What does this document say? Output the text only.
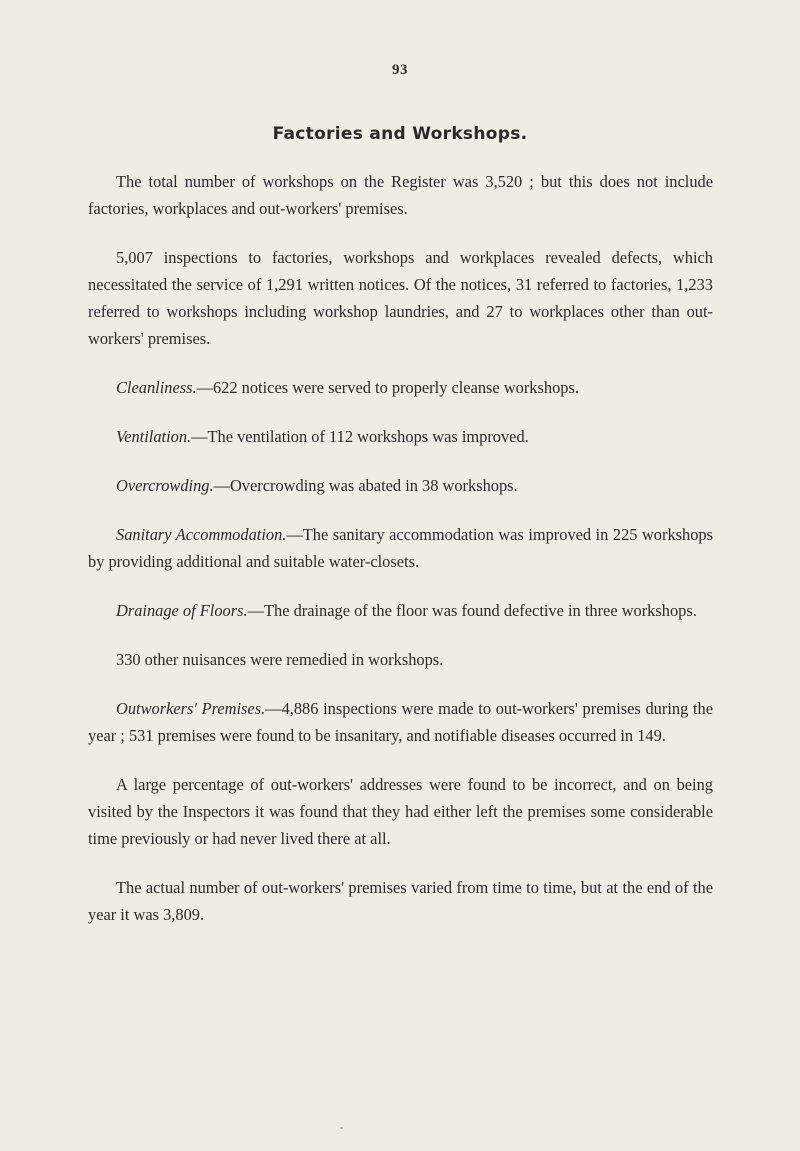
93
Factories and Workshops.

The total number of workshops on the Register was 3,520 ; but this does not include factories, workplaces and out-workers' premises.

5,007 inspections to factories, workshops and workplaces revealed defects, which necessitated the service of 1,291 written notices. Of the notices, 31 referred to factories, 1,233 referred to workshops including workshop laundries, and 27 to workplaces other than out-workers' premises.

Cleanliness.—622 notices were served to properly cleanse workshops.

Ventilation.—The ventilation of 112 workshops was improved.

Overcrowding.—Overcrowding was abated in 38 workshops.

Sanitary Accommodation.—The sanitary accommodation was improved in 225 workshops by providing additional and suitable water-closets.

Drainage of Floors.—The drainage of the floor was found defective in three workshops.

330 other nuisances were remedied in workshops.

Outworkers' Premises.—4,886 inspections were made to out-workers' premises during the year ; 531 premises were found to be insanitary, and notifiable diseases occurred in 149.

A large percentage of out-workers' addresses were found to be incorrect, and on being visited by the Inspectors it was found that they had either left the premises some considerable time previously or had never lived there at all.

The actual number of out-workers' premises varied from time to time, but at the end of the year it was 3,809.
